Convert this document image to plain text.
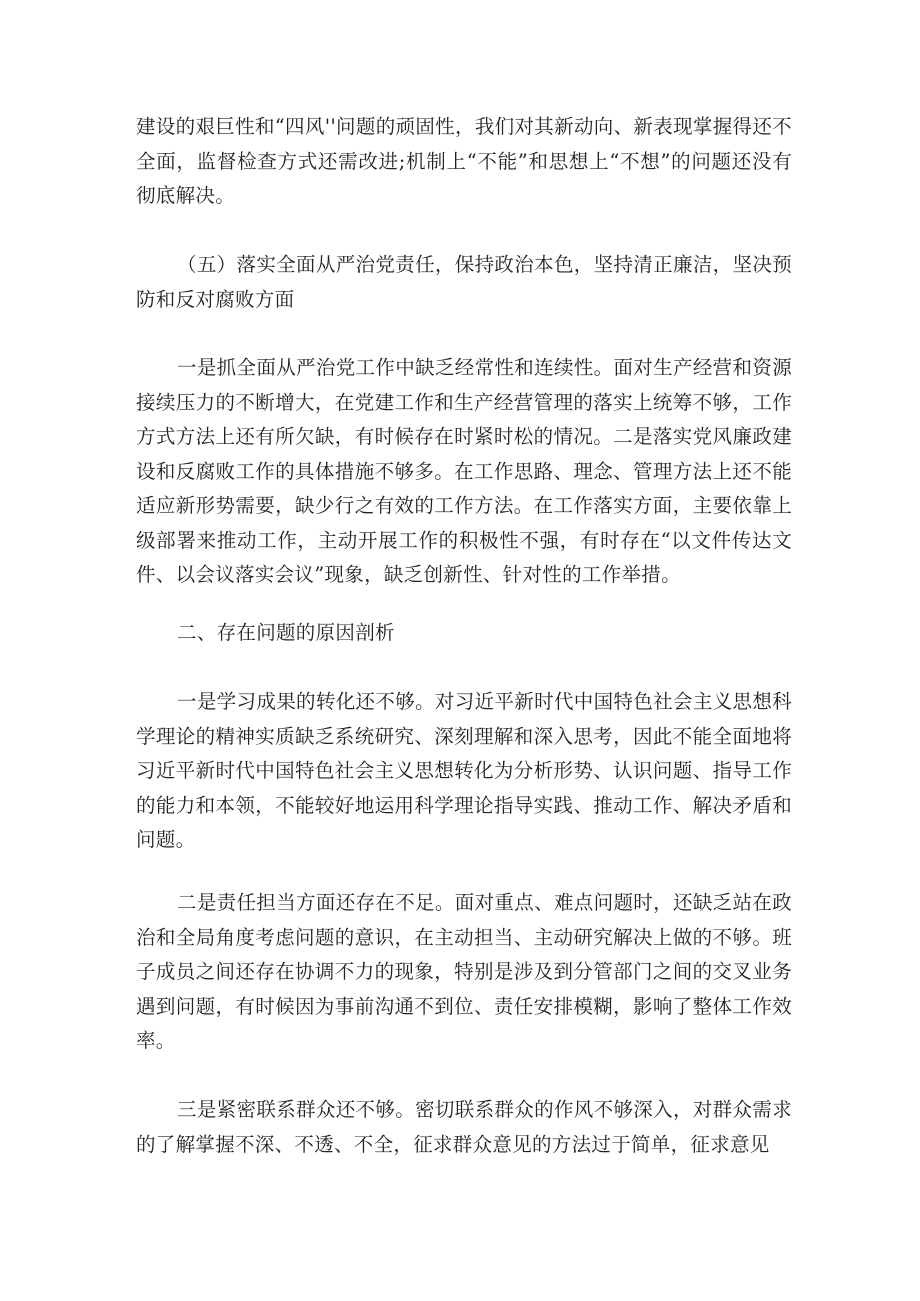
建设的艰巨性和“四风''问题的顽固性，我们对其新动向、新表现掌握得还不全面，监督检查方式还需改进;机制上“不能”和思想上“不想”的问题还没有彻底解决。

（五）落实全面从严治党责任，保持政治本色，坚持清正廉洁，坚决预防和反对腐败方面

一是抓全面从严治党工作中缺乏经常性和连续性。面对生产经营和资源接续压力的不断增大，在党建工作和生产经营管理的落实上统筹不够，工作方式方法上还有所欠缺，有时候存在时紧时松的情况。二是落实党风廉政建设和反腐败工作的具体措施不够多。在工作思路、理念、管理方法上还不能适应新形势需要，缺少行之有效的工作方法。在工作落实方面，主要依靠上级部署来推动工作，主动开展工作的积极性不强，有时存在“以文件传达文件、以会议落实会议”现象，缺乏创新性、针对性的工作举措。

二、存在问题的原因剖析

一是学习成果的转化还不够。对习近平新时代中国特色社会主义思想科学理论的精神实质缺乏系统研究、深刻理解和深入思考，因此不能全面地将习近平新时代中国特色社会主义思想转化为分析形势、认识问题、指导工作的能力和本领，不能较好地运用科学理论指导实践、推动工作、解决矛盾和问题。

二是责任担当方面还存在不足。面对重点、难点问题时，还缺乏站在政治和全局角度考虑问题的意识，在主动担当、主动研究解决上做的不够。班子成员之间还存在协调不力的现象，特别是涉及到分管部门之间的交叉业务遇到问题，有时候因为事前沟通不到位、责任安排模糊，影响了整体工作效率。

三是紧密联系群众还不够。密切联系群众的作风不够深入，对群众需求的了解掌握不深、不透、不全，征求群众意见的方法过于简单，征求意见
